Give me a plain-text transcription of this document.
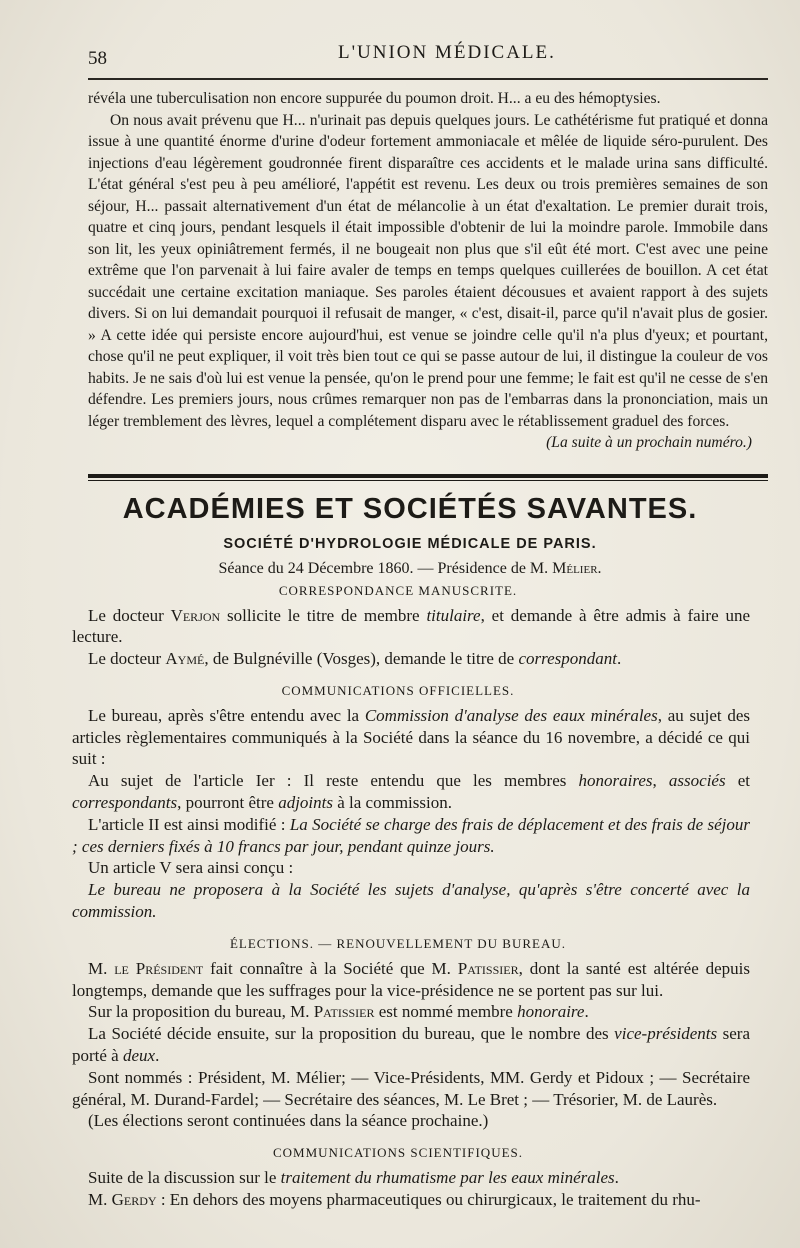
58	L'UNION MÉDICALE.

révéla une tuberculisation non encore suppurée du poumon droit. H... a eu des hémoptysies.

On nous avait prévenu que H... n'urinait pas depuis quelques jours. Le cathétérisme fut pratiqué et donna issue à une quantité énorme d'urine d'odeur fortement ammoniacale et mêlée de liquide séro-purulent. Des injections d'eau légèrement goudronnée firent disparaître ces accidents et le malade urina sans difficulté. L'état général s'est peu à peu amélioré, l'appétit est revenu. Les deux ou trois premières semaines de son séjour, H... passait alternativement d'un état de mélancolie à un état d'exaltation. Le premier durait trois, quatre et cinq jours, pendant lesquels il était impossible d'obtenir de lui la moindre parole. Immobile dans son lit, les yeux opiniâtrement fermés, il ne bougeait non plus que s'il eût été mort. C'est avec une peine extrême que l'on parvenait à lui faire avaler de temps en temps quelques cuillerées de bouillon. A cet état succédait une certaine excitation maniaque. Ses paroles étaient décousues et avaient rapport à des sujets divers. Si on lui demandait pourquoi il refusait de manger, « c'est, disait-il, parce qu'il n'avait plus de gosier. » A cette idée qui persiste encore aujourd'hui, est venue se joindre celle qu'il n'a plus d'yeux; et pourtant, chose qu'il ne peut expliquer, il voit très bien tout ce qui se passe autour de lui, il distingue la couleur de vos habits. Je ne sais d'où lui est venue la pensée, qu'on le prend pour une femme; le fait est qu'il ne cesse de s'en défendre. Les premiers jours, nous crûmes remarquer non pas de l'embarras dans la prononciation, mais un léger tremblement des lèvres, lequel a complétement disparu avec le rétablissement graduel des forces.

(La suite à un prochain numéro.)

ACADÉMIES ET SOCIÉTÉS SAVANTES.
SOCIÉTÉ D'HYDROLOGIE MÉDICALE DE PARIS.
Séance du 24 Décembre 1860. — Présidence de M. Mélier.
CORRESPONDANCE MANUSCRITE.

Le docteur Verjon sollicite le titre de membre titulaire, et demande à être admis à faire une lecture.

Le docteur Aymé, de Bulgnéville (Vosges), demande le titre de correspondant.

COMMUNICATIONS OFFICIELLES.

Le bureau, après s'être entendu avec la Commission d'analyse des eaux minérales, au sujet des articles règlementaires communiqués à la Société dans la séance du 16 novembre, a décidé ce qui suit :

Au sujet de l'article Ier : Il reste entendu que les membres honoraires, associés et correspondants, pourront être adjoints à la commission.

L'article II est ainsi modifié : La Société se charge des frais de déplacement et des frais de séjour ; ces derniers fixés à 10 francs par jour, pendant quinze jours.

Un article V sera ainsi conçu :

Le bureau ne proposera à la Société les sujets d'analyse, qu'après s'être concerté avec la commission.

ÉLECTIONS. — RENOUVELLEMENT DU BUREAU.

M. le Président fait connaître à la Société que M. Patissier, dont la santé est altérée depuis longtemps, demande que les suffrages pour la vice-présidence ne se portent pas sur lui.

Sur la proposition du bureau, M. Patissier est nommé membre honoraire.

La Société décide ensuite, sur la proposition du bureau, que le nombre des vice-présidents sera porté à deux.

Sont nommés : Président, M. Mélier; — Vice-Présidents, MM. Gerdy et Pidoux ; — Secrétaire général, M. Durand-Fardel; — Secrétaire des séances, M. Le Bret ; — Trésorier, M. de Laurès.

(Les élections seront continuées dans la séance prochaine.)

COMMUNICATIONS SCIENTIFIQUES.

Suite de la discussion sur le traitement du rhumatisme par les eaux minérales.

M. Gerdy : En dehors des moyens pharmaceutiques ou chirurgicaux, le traitement du rhu-
